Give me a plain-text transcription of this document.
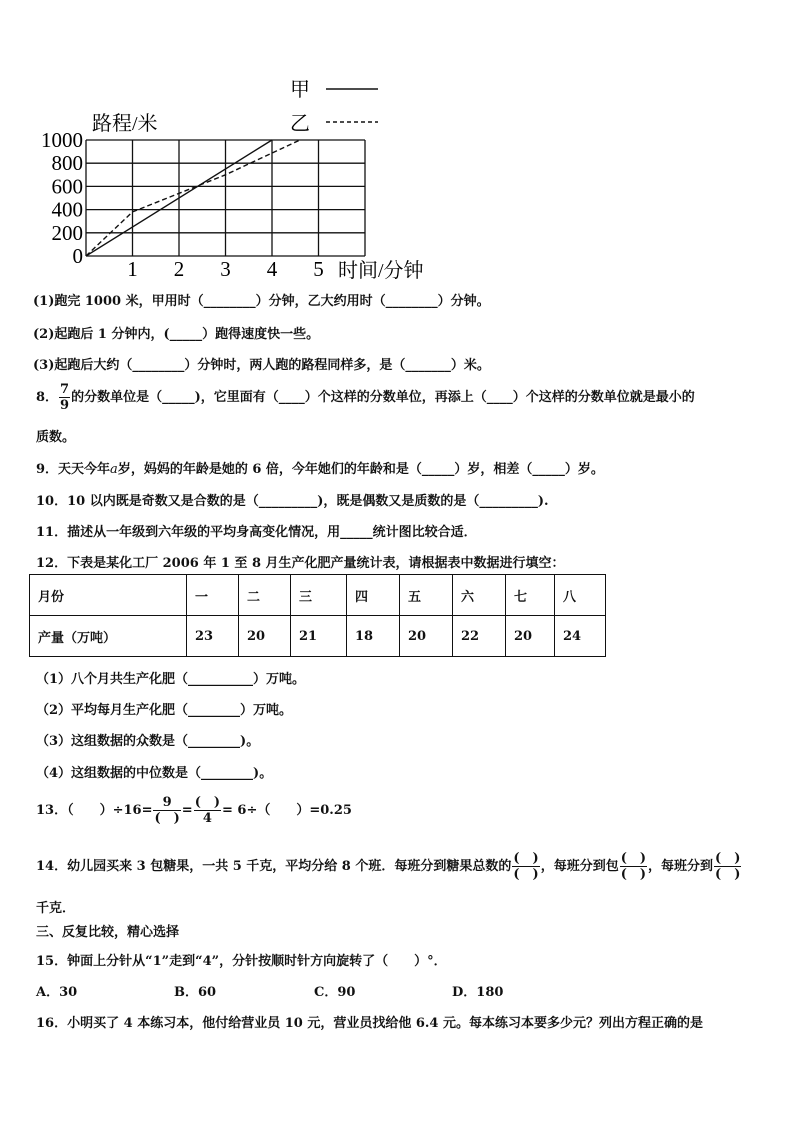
甲
乙
路程/米
时间/分钟
0
200
400
600
800
1000
1 2 3 4 5
(1)跑完 1000 米，甲用时（________）分钟，乙大约用时（________）分钟。
(2)起跑后 1 分钟内，(_____）跑得速度快一些。
(3)起跑后大约（________）分钟时，两人跑的路程同样多，是（_______）米。
8． $\frac{7}{9}$ 的分数单位是（_____)，它里面有（____）个这样的分数单位，再添上（____）个这样的分数单位就是最小的
质数。
9．天天今年a岁，妈妈的年龄是她的 6 倍，今年她们的年龄和是（_____）岁，相差（_____）岁。
10．10 以内既是奇数又是合数的是（_________)，既是偶数又是质数的是（_________).
11．描述从一年级到六年级的平均身高变化情况，用_____统计图比较合适．
12．下表是某化工厂 2006 年 1 至 8 月生产化肥产量统计表，请根据表中数据进行填空：
月份	一	二	三	四	五	六	七	八
产量（万吨）	23	20	21	18	20	22	20	24
（1）八个月共生产化肥（__________）万吨。
（2）平均每月生产化肥（________）万吨。
（3）这组数据的众数是（________)。
（4）这组数据的中位数是（________)。
13．（　　）$\div 16= \frac{9}{( )} = \frac{( )}{4} = 6\div$（　　）=0.25
14．幼儿园买来 3 包糖果，一共 5 千克，平均分给 8 个班．每班分到糖果总数的 $\frac{( )}{( )}$ ，每班分到包 $\frac{( )}{( )}$ ，每班分到 $\frac{( )}{( )}$
千克．
三、反复比较，精心选择
15．钟面上分针从“1”走到“4”，分针按顺时针方向旋转了（　　）°．
A．30	B．60	C．90	D．180
16．小明买了 4 本练习本，他付给营业员 10 元，营业员找给他 6.4 元。每本练习本要多少元？列出方程正确的是
